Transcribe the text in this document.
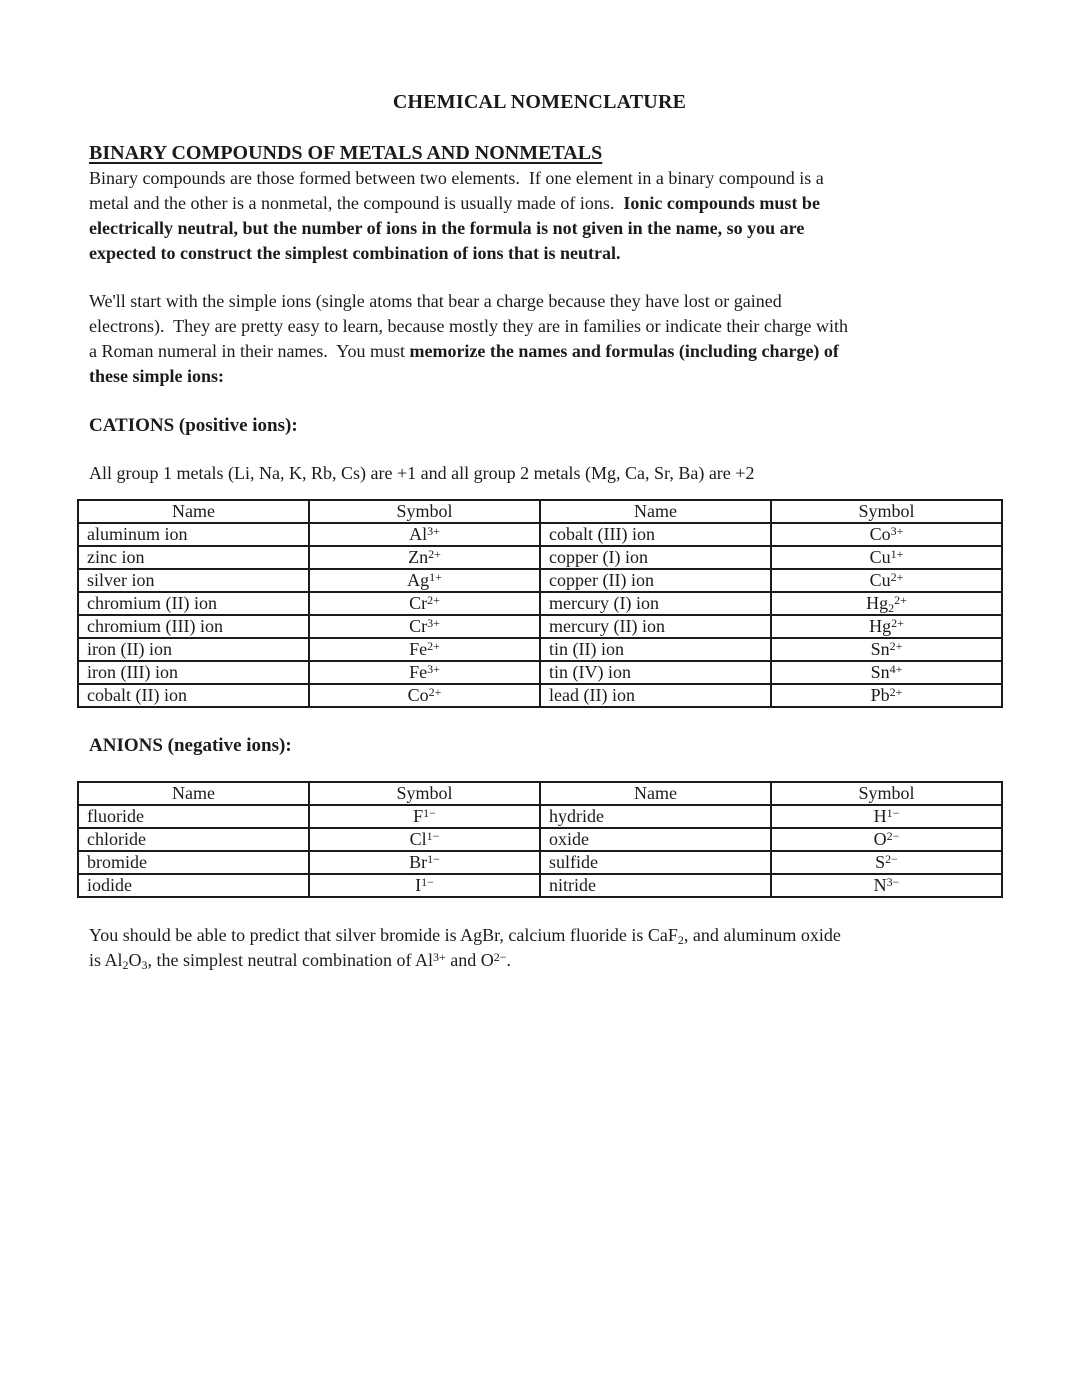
CHEMICAL NOMENCLATURE
BINARY COMPOUNDS OF METALS AND NONMETALS

Binary compounds are those formed between two elements.  If one element in a binary compound is a
metal and the other is a nonmetal, the compound is usually made of ions.  Ionic compounds must be
electrically neutral, but the number of ions in the formula is not given in the name, so you are
expected to construct the simplest combination of ions that is neutral.

We'll start with the simple ions (single atoms that bear a charge because they have lost or gained
electrons).  They are pretty easy to learn, because mostly they are in families or indicate their charge with
a Roman numeral in their names.  You must memorize the names and formulas (including charge) of
these simple ions:

CATIONS (positive ions):

All group 1 metals (Li, Na, K, Rb, Cs) are +1 and all group 2 metals (Mg, Ca, Sr, Ba) are +2

Name	Symbol	Name	Symbol
aluminum ion	$Al^{3+}$	cobalt (III) ion	$Co^{3+}$
zinc ion	$Zn^{2+}$	copper (I) ion	$Cu^{1+}$
silver ion	$Ag^{1+}$	copper (II) ion	$Cu^{2+}$
chromium (II) ion	$Cr^{2+}$	mercury (I) ion	$Hg_2^{2+}$
chromium (III) ion	$Cr^{3+}$	mercury (II) ion	$Hg^{2+}$
iron (II) ion	$Fe^{2+}$	tin (II) ion	$Sn^{2+}$
iron (III) ion	$Fe^{3+}$	tin (IV) ion	$Sn^{4+}$
cobalt (II) ion	$Co^{2+}$	lead (II) ion	$Pb^{2+}$
ANIONS (negative ions):
Name	Symbol	Name	Symbol
fluoride	$F^{1-}$	hydride	$H^{1-}$
chloride	$Cl^{1-}$	oxide	$O^{2-}$
bromide	$Br^{1-}$	sulfide	$S^{2-}$
iodide	$I^{1-}$	nitride	$N^{3-}$

You should be able to predict that silver bromide is AgBr, calcium fluoride is CaF$_2$, and aluminum oxide
is $Al_2O_3$, the simplest neutral combination of $Al^{3+}$ and $O^{2-}$.
